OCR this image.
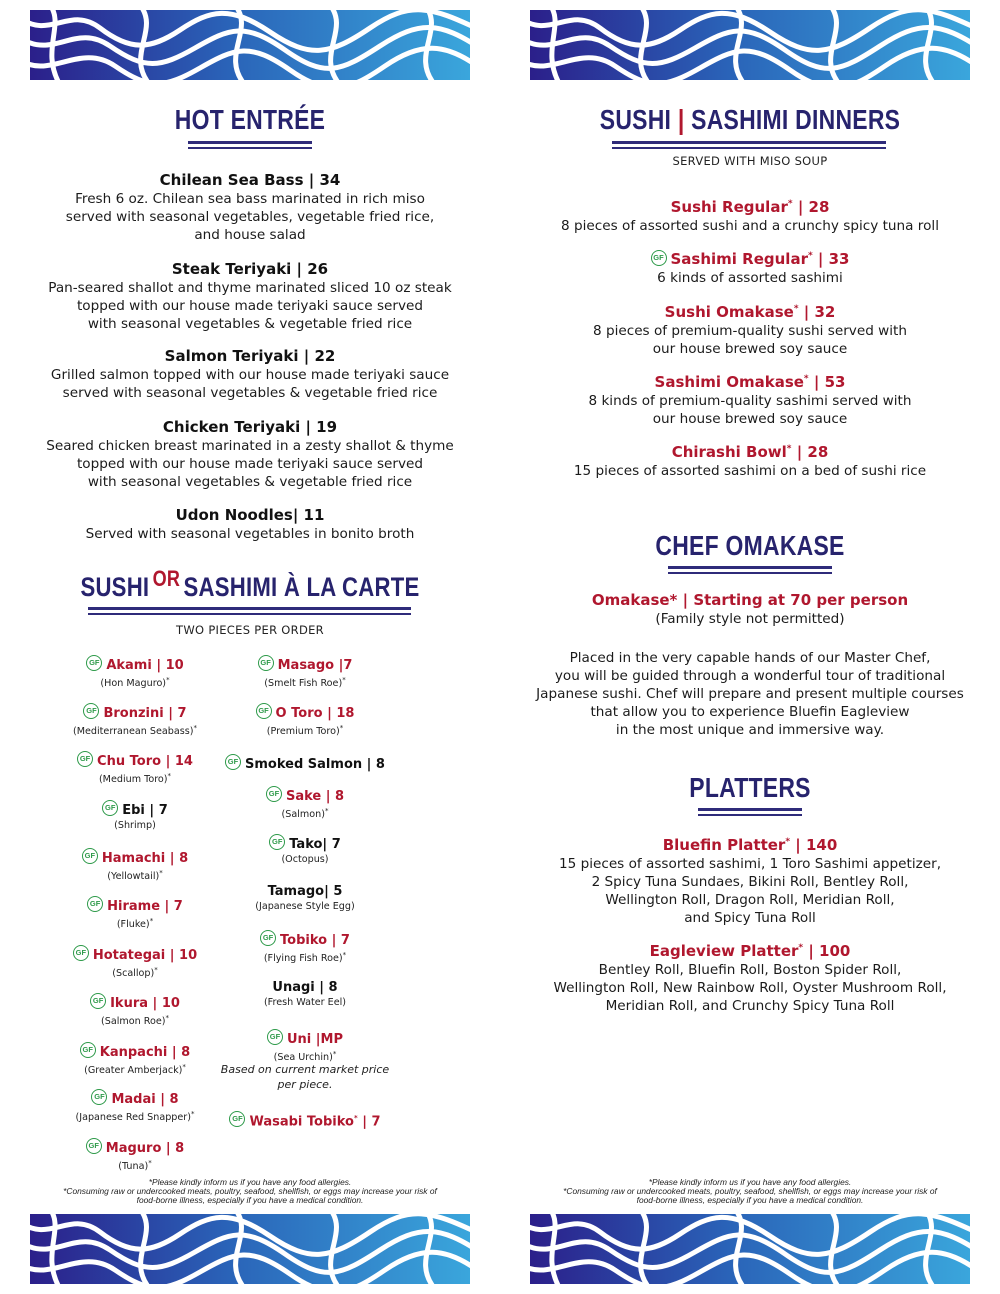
HOT ENTRÉE
Chilean Sea Bass | 34
Fresh 6 oz. Chilean sea bass marinated in rich miso
served with seasonal vegetables, vegetable fried rice,
and house salad
Steak Teriyaki | 26
Pan-seared shallot and thyme marinated sliced 10 oz steak
topped with our house made teriyaki sauce served
with seasonal vegetables & vegetable fried rice
Salmon Teriyaki | 22
Grilled salmon topped with our house made teriyaki sauce
served with seasonal vegetables & vegetable fried rice
Chicken Teriyaki | 19
Seared chicken breast marinated in a zesty shallot & thyme
topped with our house made teriyaki sauce served
with seasonal vegetables & vegetable fried rice
Udon Noodles| 11
Served with seasonal vegetables in bonito broth
SUSHI $^{OR}$ SASHIMI À LA CARTE
TWO PIECES PER ORDER
GF Akami | 10
(Hon Maguro)*
GF Bronzini | 7
(Mediterranean Seabass)*
GF Chu Toro | 14
(Medium Toro)*
GF Ebi | 7
(Shrimp)
GF Hamachi | 8
(Yellowtail)*
GF Hirame | 7
(Fluke)*
GF Hotategai | 10
(Scallop)*
GF Ikura | 10
(Salmon Roe)*
GF Kanpachi | 8
(Greater Amberjack)*
GF Madai | 8
(Japanese Red Snapper)*
GF Maguro | 8
(Tuna)*
GF Masago |7
(Smelt Fish Roe)*
GF O Toro | 18
(Premium Toro)*
GF Smoked Salmon | 8
GF Sake | 8
(Salmon)*
GF Tako| 7
(Octopus)
Tamago| 5
(Japanese Style Egg)
GF Tobiko | 7
(Flying Fish Roe)*
Unagi | 8
(Fresh Water Eel)
GF Uni |MP
(Sea Urchin)*
Based on current market price
per piece.
GF Wasabi Tobiko* | 7
*Please kindly inform us if you have any food allergies.
*Consuming raw or undercooked meats, poultry, seafood, shellfish, or eggs may increase your risk of
food-borne illness, especially if you have a medical condition.
SUSHI | SASHIMI DINNERS
SERVED WITH MISO SOUP
Sushi Regular* | 28
8 pieces of assorted sushi and a crunchy spicy tuna roll
GF Sashimi Regular* | 33
6 kinds of assorted sashimi
Sushi Omakase* | 32
8 pieces of premium-quality sushi served with
our house brewed soy sauce
Sashimi Omakase* | 53
8 kinds of premium-quality sashimi served with
our house brewed soy sauce
Chirashi Bowl* | 28
15 pieces of assorted sashimi on a bed of sushi rice
CHEF OMAKASE
Omakase* | Starting at 70 per person
(Family style not permitted)
Placed in the very capable hands of our Master Chef,
you will be guided through a wonderful tour of traditional
Japanese sushi. Chef will prepare and present multiple courses
that allow you to experience Bluefin Eagleview
in the most unique and immersive way.
PLATTERS
Bluefin Platter* | 140
15 pieces of assorted sashimi, 1 Toro Sashimi appetizer,
2 Spicy Tuna Sundaes, Bikini Roll, Bentley Roll,
Wellington Roll, Dragon Roll, Meridian Roll,
and Spicy Tuna Roll
Eagleview Platter* | 100
Bentley Roll, Bluefin Roll, Boston Spider Roll,
Wellington Roll, New Rainbow Roll, Oyster Mushroom Roll,
Meridian Roll, and Crunchy Spicy Tuna Roll
*Please kindly inform us if you have any food allergies.
*Consuming raw or undercooked meats, poultry, seafood, shellfish, or eggs may increase your risk of
food-borne illness, especially if you have a medical condition.
